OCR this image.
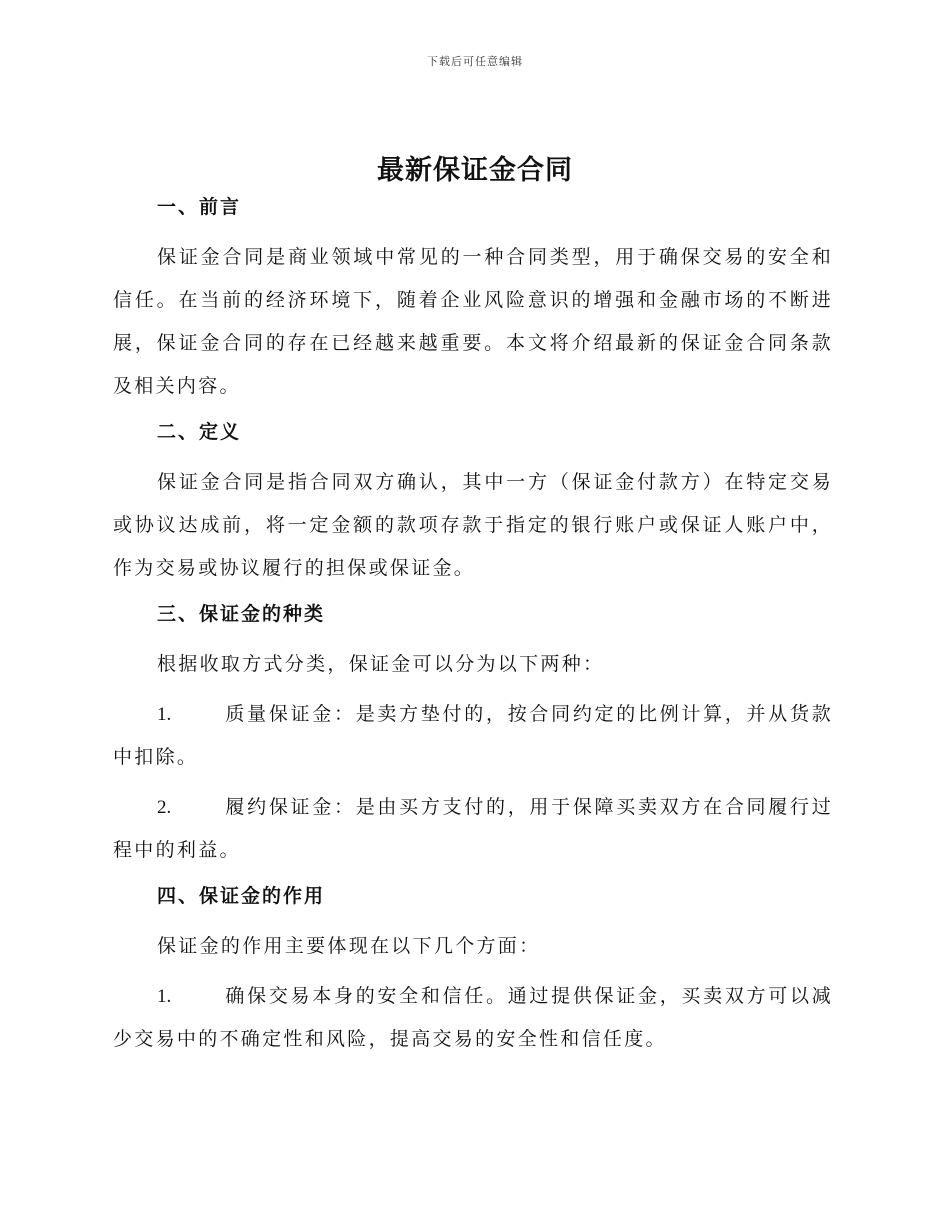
下载后可任意编辑
最新保证金合同
一、前言

保证金合同是商业领域中常见的一种合同类型，用于确保交易的安全和信任。在当前的经济环境下，随着企业风险意识的增强和金融市场的不断进展，保证金合同的存在已经越来越重要。本文将介绍最新的保证金合同条款及相关内容。

二、定义

保证金合同是指合同双方确认，其中一方（保证金付款方）在特定交易或协议达成前，将一定金额的款项存款于指定的银行账户或保证人账户中，作为交易或协议履行的担保或保证金。

三、保证金的种类

根据收取方式分类，保证金可以分为以下两种：

1.	质量保证金：是卖方垫付的，按合同约定的比例计算，并从货款中扣除。

2.	履约保证金：是由买方支付的，用于保障买卖双方在合同履行过程中的利益。

四、保证金的作用

保证金的作用主要体现在以下几个方面：

1.	确保交易本身的安全和信任。通过提供保证金，买卖双方可以减少交易中的不确定性和风险，提高交易的安全性和信任度。
